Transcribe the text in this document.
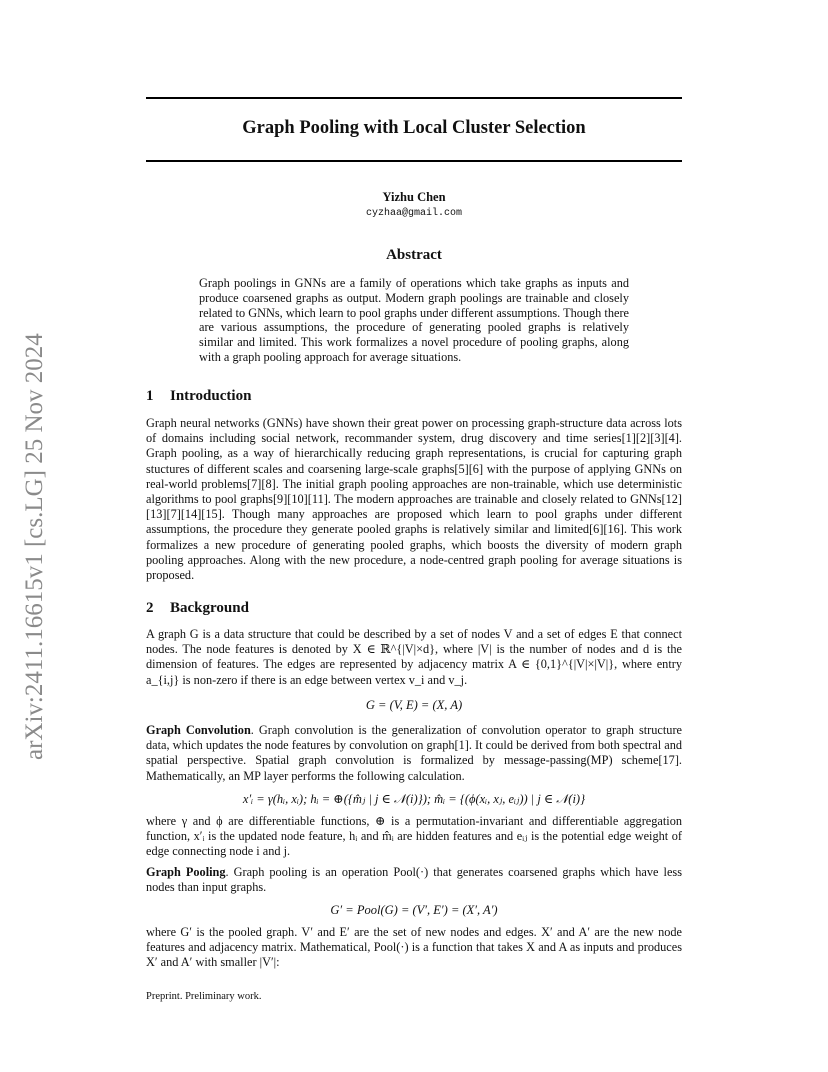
arXiv:2411.16615v1 [cs.LG] 25 Nov 2024
Graph Pooling with Local Cluster Selection
Yizhu Chen
cyzhaa@gmail.com
Abstract
Graph poolings in GNNs are a family of operations which take graphs as inputs and produce coarsened graphs as output. Modern graph poolings are trainable and closely related to GNNs, which learn to pool graphs under different assumptions. Though there are various assumptions, the procedure of generating pooled graphs is relatively similar and limited. This work formalizes a novel procedure of pooling graphs, along with a graph pooling approach for average situations.
1 Introduction
Graph neural networks (GNNs) have shown their great power on processing graph-structure data across lots of domains including social network, recommander system, drug discovery and time series[1][2][3][4]. Graph pooling, as a way of hierarchically reducing graph representations, is crucial for capturing graph stuctures of different scales and coarsening large-scale graphs[5][6] with the purpose of applying GNNs on real-world problems[7][8]. The initial graph pooling approaches are non-trainable, which use deterministic algorithms to pool graphs[9][10][11]. The modern approaches are trainable and closely related to GNNs[12][13][7][14][15]. Though many approaches are proposed which learn to pool graphs under different assumptions, the procedure they generate pooled graphs is relatively similar and limited[6][16]. This work formalizes a new procedure of generating pooled graphs, which boosts the diversity of modern graph pooling approaches. Along with the new procedure, a node-centred graph pooling for average situations is proposed.
2 Background
A graph G is a data structure that could be described by a set of nodes V and a set of edges E that connect nodes. The node features is denoted by X ∈ ℝ^{|V|×d}, where |V| is the number of nodes and d is the dimension of features. The edges are represented by adjacency matrix A ∈ {0,1}^{|V|×|V|}, where entry a_{i,j} is non-zero if there is an edge between vertex v_i and v_j.
G = (V, E) = (X, A)
Graph Convolution. Graph convolution is the generalization of convolution operator to graph structure data, which updates the node features by convolution on graph[1]. It could be derived from both spectral and spatial perspective. Spatial graph convolution is formalized by message-passing(MP) scheme[17]. Mathematically, an MP layer performs the following calculation.
x′ᵢ = γ(hᵢ, xᵢ); hᵢ = ⊕({m̂ⱼ | j ∈ 𝒩(i)}); m̂ᵢ = {(ϕ(xᵢ, xⱼ, eᵢⱼ)) | j ∈ 𝒩(i)}
where γ and ϕ are differentiable functions, ⊕ is a permutation-invariant and differentiable aggregation function, x′ᵢ is the updated node feature, hᵢ and m̂ᵢ are hidden features and eᵢⱼ is the potential edge weight of edge connecting node i and j.
Graph Pooling. Graph pooling is an operation Pool(·) that generates coarsened graphs which have less nodes than input graphs.
G′ = Pool(G) = (V′, E′) = (X′, A′)
where G′ is the pooled graph. V′ and E′ are the set of new nodes and edges. X′ and A′ are the new node features and adjacency matrix. Mathematical, Pool(·) is a function that takes X and A as inputs and produces X′ and A′ with smaller |V′|:
Preprint. Preliminary work.
